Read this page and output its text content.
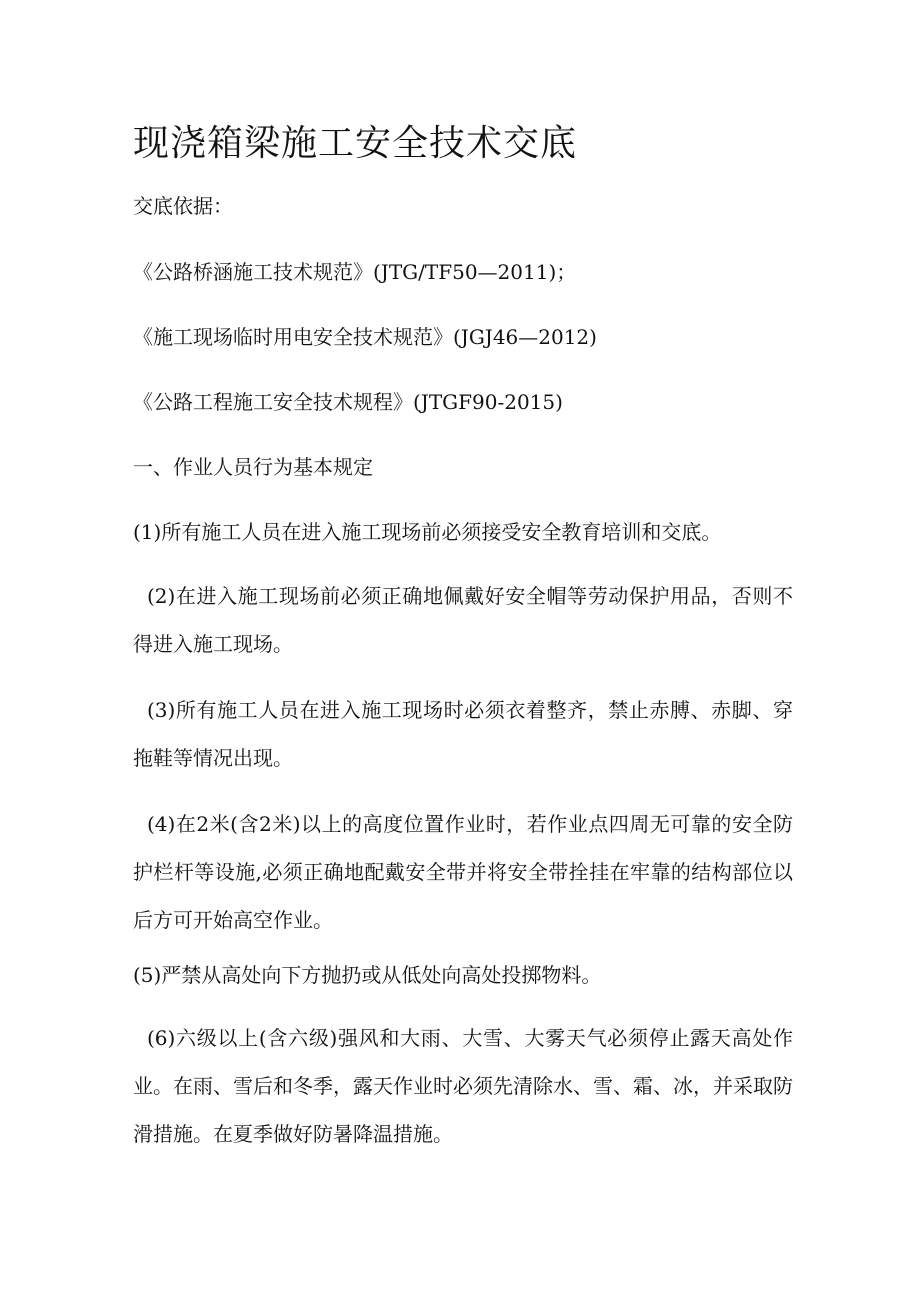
现浇箱梁施工安全技术交底

交底依据：

《公路桥涵施工技术规范》(JTG/TF50—2011)；

《施工现场临时用电安全技术规范》(JGJ46—2012)

《公路工程施工安全技术规程》(JTGF90-2015)

一、作业人员行为基本规定

(1)所有施工人员在进入施工现场前必须接受安全教育培训和交底。

(2)在进入施工现场前必须正确地佩戴好安全帽等劳动保护用品，否则不得进入施工现场。

(3)所有施工人员在进入施工现场时必须衣着整齐，禁止赤膊、赤脚、穿拖鞋等情况出现。

(4)在2米(含2米)以上的高度位置作业时，若作业点四周无可靠的安全防护栏杆等设施,必须正确地配戴安全带并将安全带拴挂在牢靠的结构部位以后方可开始高空作业。

(5)严禁从高处向下方抛扔或从低处向高处投掷物料。

(6)六级以上(含六级)强风和大雨、大雪、大雾天气必须停止露天高处作业。在雨、雪后和冬季，露天作业时必须先清除水、雪、霜、冰，并采取防滑措施。在夏季做好防暑降温措施。
